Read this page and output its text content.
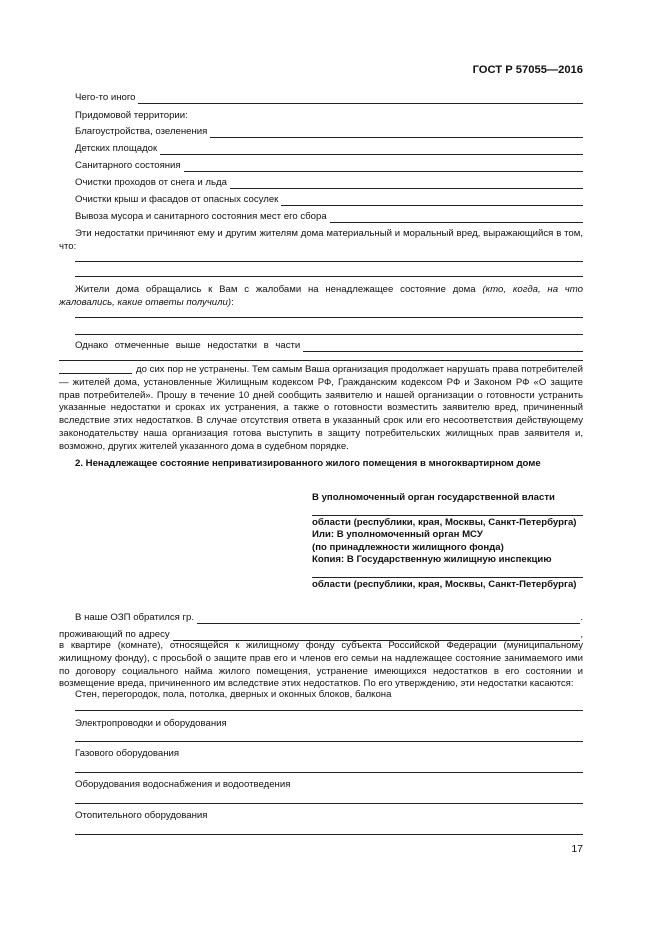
ГОСТ Р 57055—2016
Чего-то иного
Придомовой территории:
Благоустройства, озеленения
Детских площадок
Санитарного состояния
Очистки проходов от снега и льда
Очистки крыш и фасадов от опасных сосулек
Вывоза мусора и санитарного состояния мест его сбора
Эти недостатки причиняют ему и другим жителям дома материальный и моральный вред, выражающийся в том, что:
Жители дома обращались к Вам с жалобами на ненадлежащее состояние дома (кто, когда, на что жаловались, какие ответы получили):
Однако отмеченные выше недостатки в части
до сих пор не устранены. Тем самым Ваша организация продолжает нарушать права потребителей — жителей дома, установленные Жилищным кодексом РФ, Гражданским кодексом РФ и Законом РФ «О защите прав потребителей». Прошу в течение 10 дней сообщить заявителю и нашей организации о готовности устранить указанные недостатки и сроках их устранения, а также о готовности возместить заявителю вред, причиненный вследствие этих недостатков. В случае отсутствия ответа в указанный срок или его несоответствия действующему законодательству наша организация готова выступить в защиту потребительских жилищных прав заявителя и, возможно, других жителей указанного дома в судебном порядке.
2. Ненадлежащее состояние неприватизированного жилого помещения в многоквартирном доме
В уполномоченный орган государственной власти
области (республики, края, Москвы, Санкт-Петербурга)
Или: В уполномоченный орган МСУ
(по принадлежности жилищного фонда)
Копия: В Государственную жилищную инспекцию
области (республики, края, Москвы, Санкт-Петербурга)
В наше ОЗП обратился гр.	.
проживающий по адресу	,
в квартире (комнате), относящейся к жилищному фонду субъекта Российской Федерации (муниципальному жилищному фонду), с просьбой о защите прав его и членов его семьи на надлежащее состояние занимаемого ими по договору социального найма жилого помещения, устранение имеющихся недостатков в его состоянии и возмещение вреда, причиненного им вследствие этих недостатков. По его утверждению, эти недостатки касаются:
Стен, перегородок, пола, потолка, дверных и оконных блоков, балкона
Электропроводки и оборудования
Газового оборудования
Оборудования водоснабжения и водоотведения
Отопительного оборудования
17
